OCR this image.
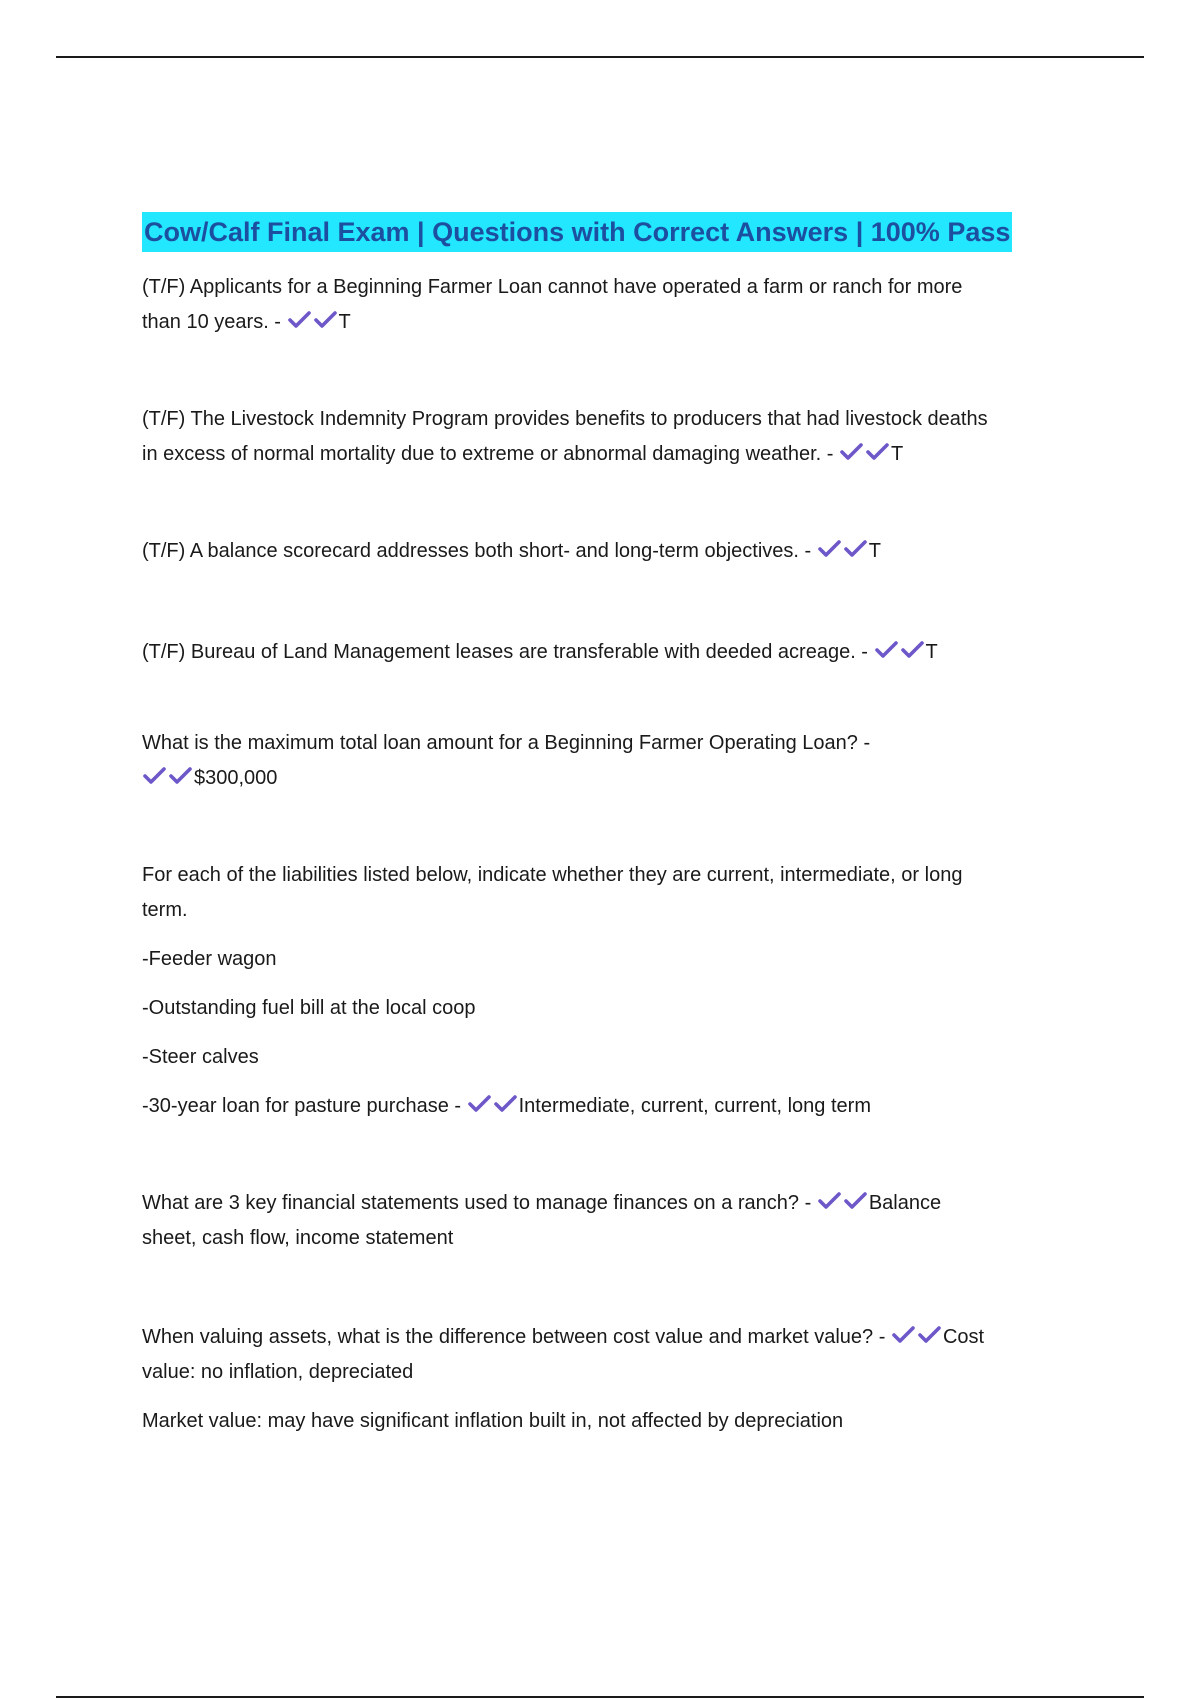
Cow/Calf Final Exam | Questions with Correct Answers | 100% Pass

(T/F) Applicants for a Beginning Farmer Loan cannot have operated a farm or ranch for more

than 10 years. -	T

(T/F) The Livestock Indemnity Program provides benefits to producers that had livestock deaths

in excess of normal mortality due to extreme or abnormal damaging weather. -	T

(T/F) A balance scorecard addresses both short- and long-term objectives. -	T

(T/F) Bureau of Land Management leases are transferable with deeded acreage. -	T

What is the maximum total loan amount for a Beginning Farmer Operating Loan? -

$300,000

For each of the liabilities listed below, indicate whether they are current, intermediate, or long

term.

-Feeder wagon

-Outstanding fuel bill at the local coop

-Steer calves

-30-year loan for pasture purchase -	Intermediate, current, current, long term

What are 3 key financial statements used to manage finances on a ranch? -	Balance

sheet, cash flow, income statement

When valuing assets, what is the difference between cost value and market value? -	Cost

value: no inflation, depreciated

Market value: may have significant inflation built in, not affected by depreciation
